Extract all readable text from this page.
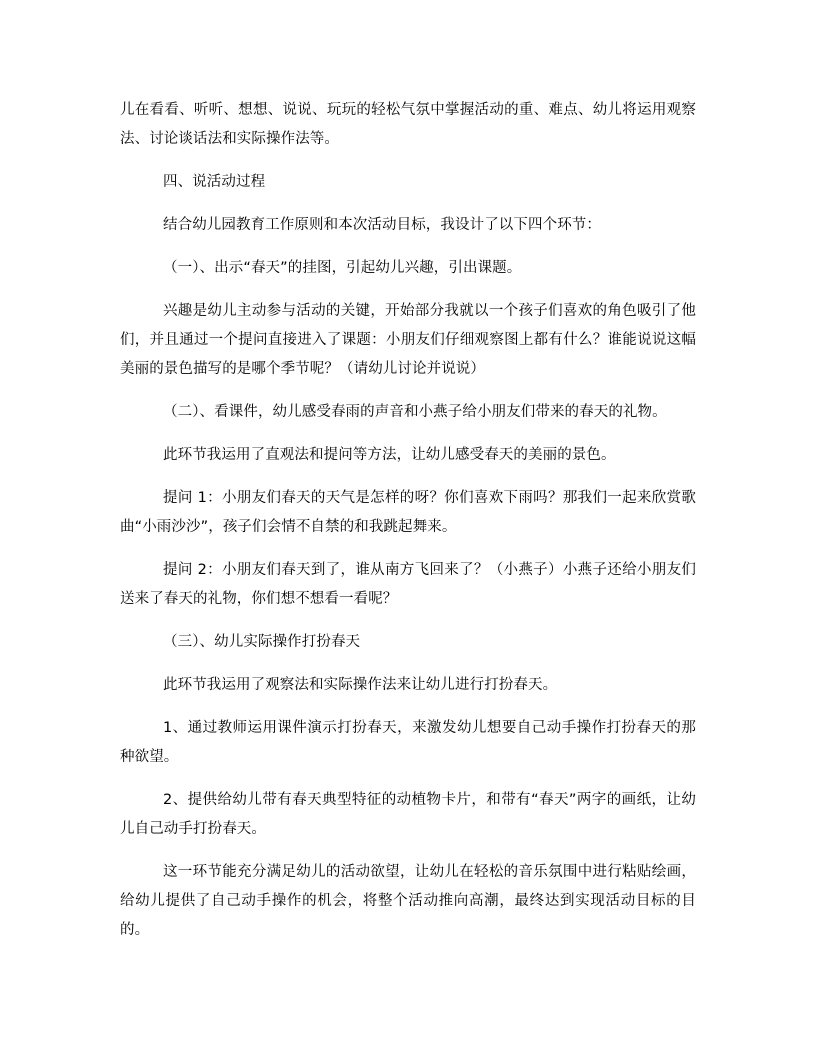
儿在看看、听听、想想、说说、玩玩的轻松气氛中掌握活动的重、难点、幼儿将运用观察法、讨论谈话法和实际操作法等。

四、说活动过程

结合幼儿园教育工作原则和本次活动目标，我设计了以下四个环节：

（一）、出示“春天”的挂图，引起幼儿兴趣，引出课题。

兴趣是幼儿主动参与活动的关键，开始部分我就以一个孩子们喜欢的角色吸引了他们，并且通过一个提问直接进入了课题：小朋友们仔细观察图上都有什么？谁能说说这幅美丽的景色描写的是哪个季节呢？（请幼儿讨论并说说）

（二）、看课件，幼儿感受春雨的声音和小燕子给小朋友们带来的春天的礼物。

此环节我运用了直观法和提问等方法，让幼儿感受春天的美丽的景色。

提问 1：小朋友们春天的天气是怎样的呀？你们喜欢下雨吗？那我们一起来欣赏歌曲“小雨沙沙”，孩子们会情不自禁的和我跳起舞来。

提问 2：小朋友们春天到了，谁从南方飞回来了？（小燕子）小燕子还给小朋友们送来了春天的礼物，你们想不想看一看呢？

（三）、幼儿实际操作打扮春天

此环节我运用了观察法和实际操作法来让幼儿进行打扮春天。

1、通过教师运用课件演示打扮春天，来激发幼儿想要自己动手操作打扮春天的那种欲望。

2、提供给幼儿带有春天典型特征的动植物卡片，和带有“春天”两字的画纸，让幼儿自己动手打扮春天。

这一环节能充分满足幼儿的活动欲望，让幼儿在轻松的音乐氛围中进行粘贴绘画，给幼儿提供了自己动手操作的机会，将整个活动推向高潮，最终达到实现活动目标的目的。
